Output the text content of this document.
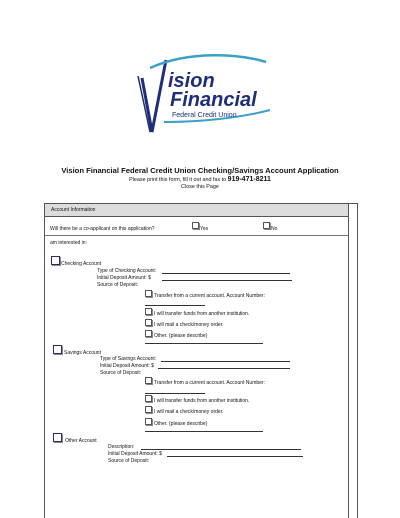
ision
Financial
Federal Credit Union
Vision Financial Federal Credit Union Checking/Savings Account Application
Please print this form, fill it out and fax to 919-471-8211
Close this Page
Account Information
Will there be a co-applicant on this application?	Yes	No
am interested in:
Checking Account
Type of Checking Account:
Initial Deposit Amount: $
Source of Deposit:
Transfer from a current account. Account Number:
I will transfer funds from another institution.
I will mail a check/money order.
Other. (please describe)
Savings Account
Type of Savings Account:
Initial Deposit Amount: $
Source of Deposit:
Transfer from a current account. Account Number:
I will transfer funds from another institution.
I will mail a check/money order.
Other. (please describe)
Other Account
Description:
Initial Deposit Amount: $
Source of Deposit:
